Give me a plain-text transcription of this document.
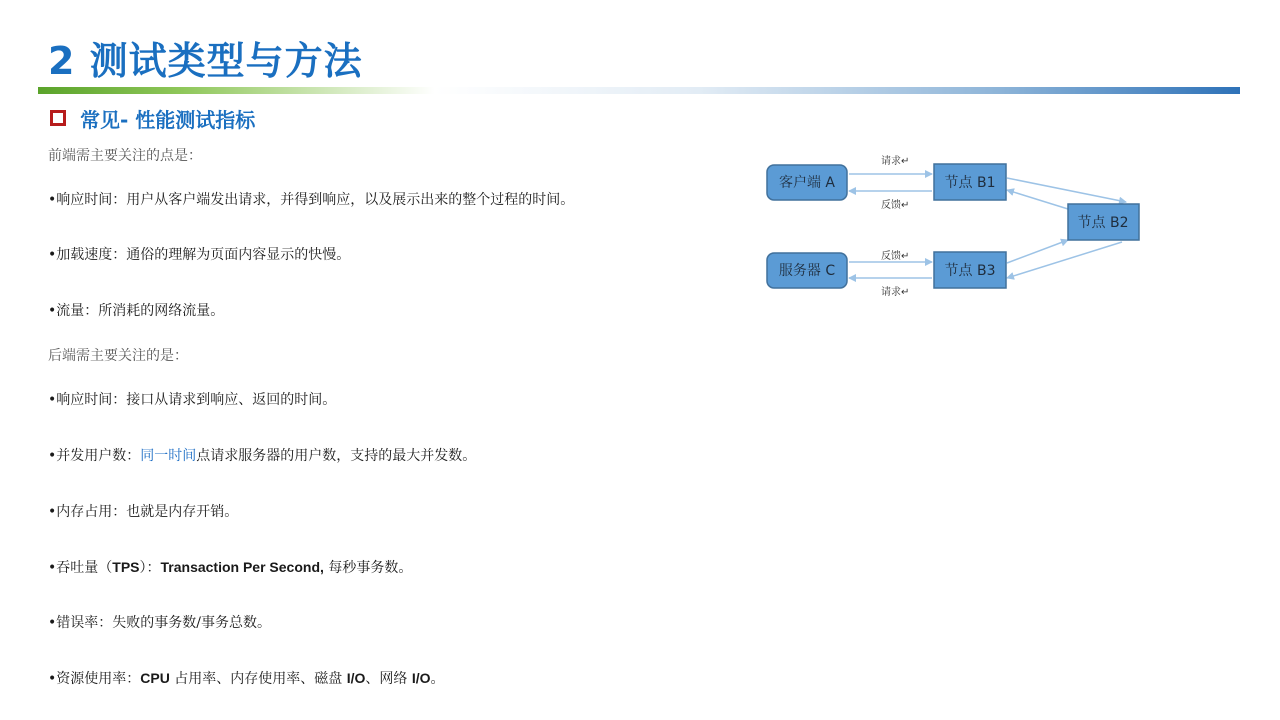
2 测试类型与方法
常见- 性能测试指标
前端需主要关注的点是：
•响应时间：用户从客户端发出请求，并得到响应，以及展示出来的整个过程的时间。
•加载速度：通俗的理解为页面内容显示的快慢。
•流量：所消耗的网络流量。
后端需主要关注的是：
•响应时间：接口从请求到响应、返回的时间。
•并发用户数：同一时间点请求服务器的用户数，支持的最大并发数。
•内存占用：也就是内存开销。
•吞吐量（TPS）：Transaction Per Second, 每秒事务数。
•错误率：失败的事务数/事务总数。
•资源使用率：CPU 占用率、内存使用率、磁盘 I/O、网络 I/O。
请求↵
反馈↵
反馈↵
请求↵
客户端 A
服务器 C
节点 B1
节点 B2
节点 B3
